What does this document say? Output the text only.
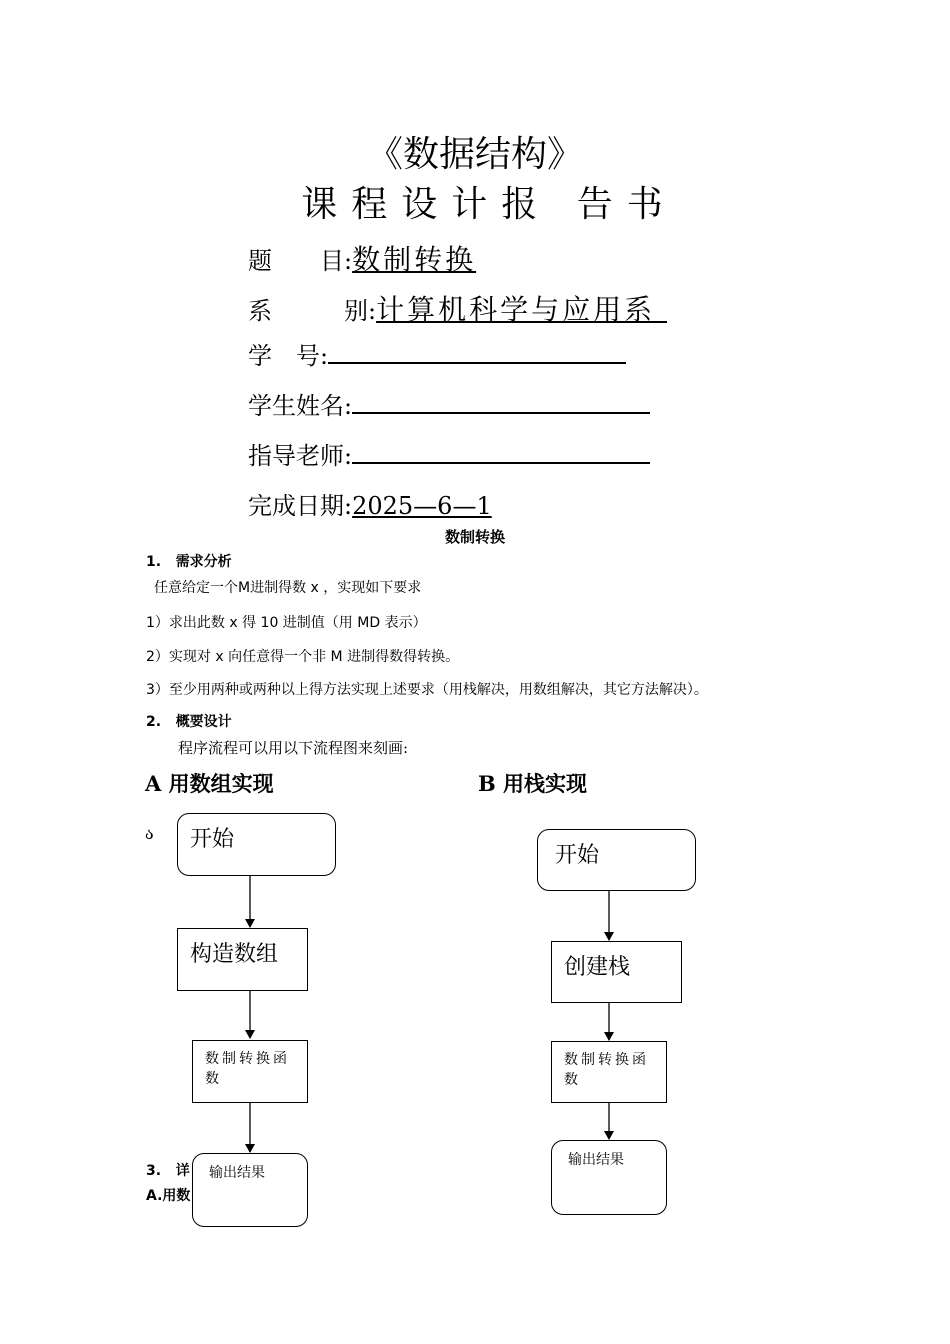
《数据结构》
课程设计报 告书
题　　目:数制转换
系　　　别:计算机科学与应用系
学　号:
学生姓名:
指导老师:
完成日期:2025—6—1
数制转换
1. 需求分析
任意给定一个M进制得数 x ，实现如下要求
1）求出此数 x 得 10 进制值（用 MD 表示）
2）实现对 x 向任意得一个非 M 进制得数得转换。
3）至少用两种或两种以上得方法实现上述要求（用栈解决，用数组解决，其它方法解决）。
2. 概要设计
程序流程可以用以下流程图来刻画:
A 用数组实现	B 用栈实现
ა
3. 详
A.用数
开始
构造数组
数制转换函数
输出结果
开始
创建栈
数制转换函数
输出结果
